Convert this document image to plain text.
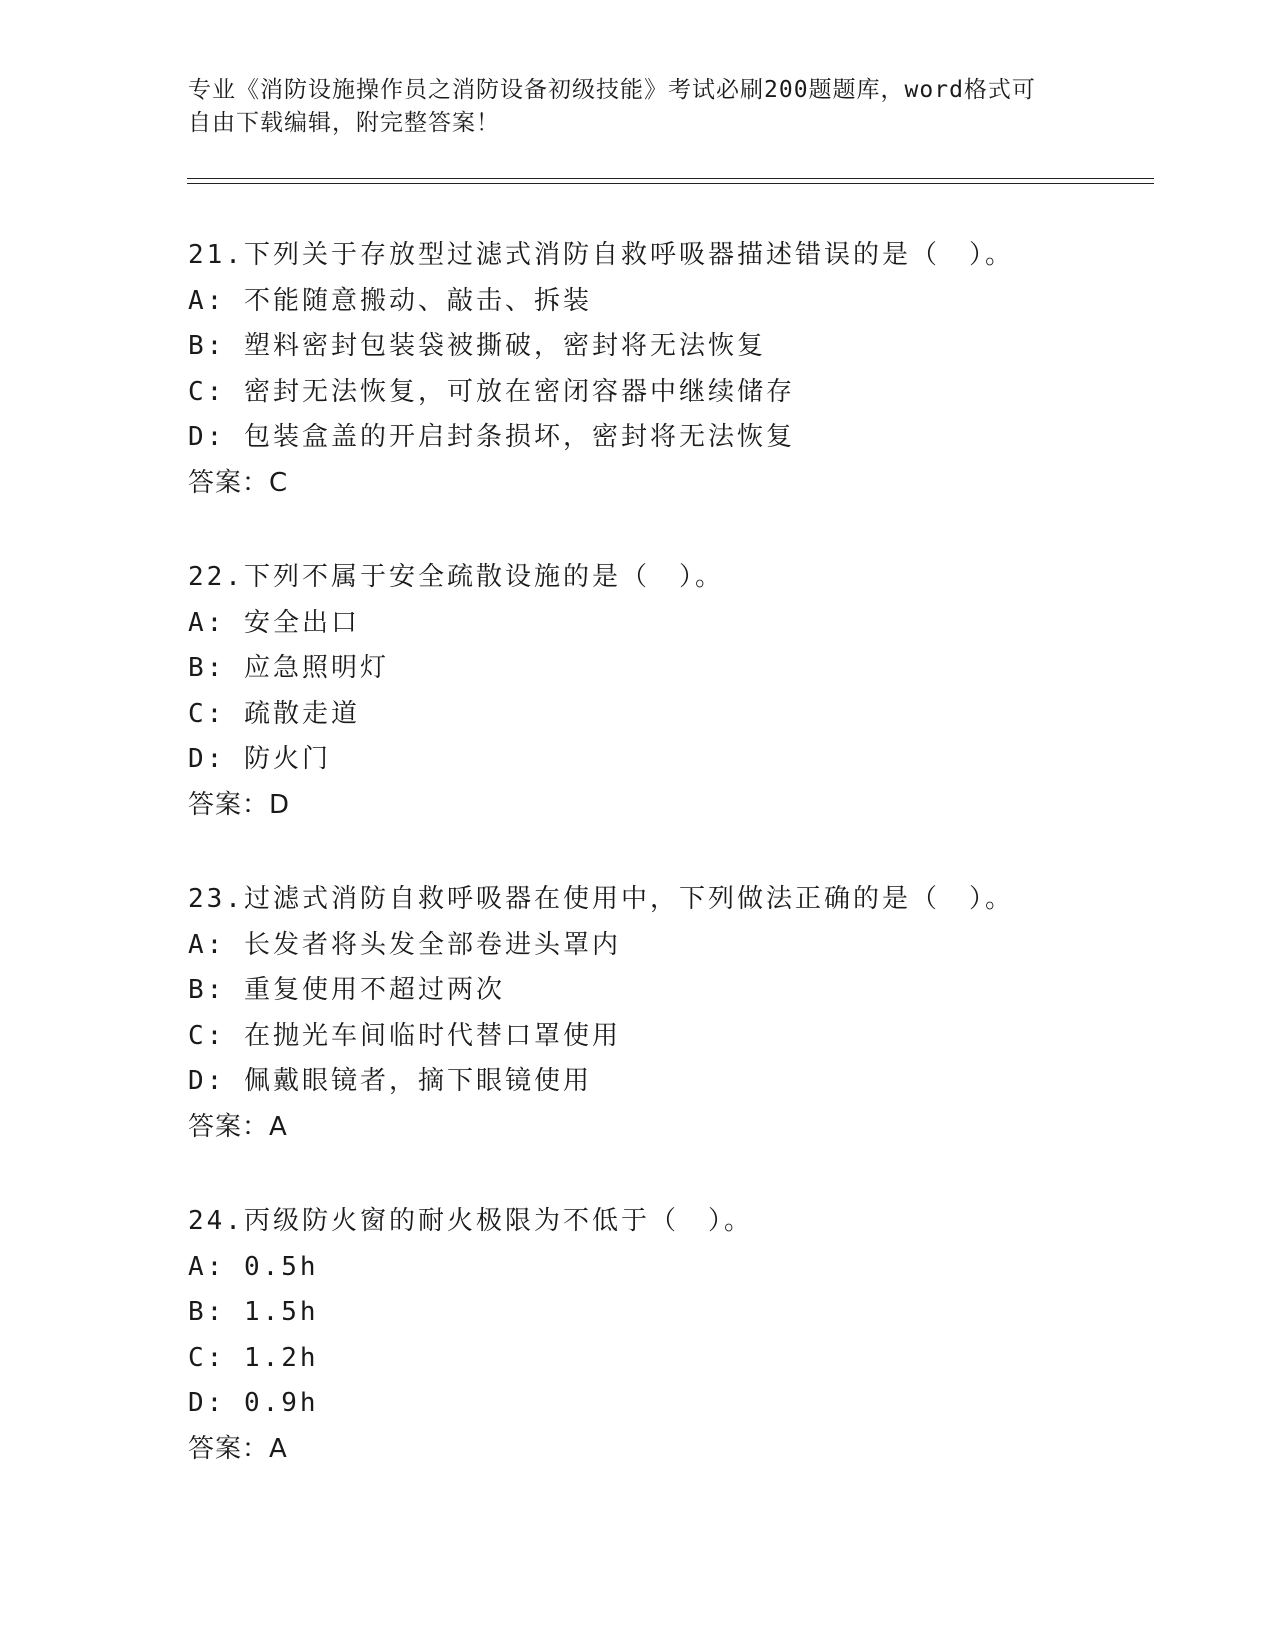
专业《消防设施操作员之消防设备初级技能》考试必刷200题题库，word格式可
自由下载编辑，附完整答案！
21.下列关于存放型过滤式消防自救呼吸器描述错误的是（　）。
A: 不能随意搬动、敲击、拆装
B: 塑料密封包装袋被撕破，密封将无法恢复
C: 密封无法恢复，可放在密闭容器中继续储存
D: 包装盒盖的开启封条损坏，密封将无法恢复
答案：C
22.下列不属于安全疏散设施的是（　）。
A: 安全出口
B: 应急照明灯
C: 疏散走道
D: 防火门
答案：D
23.过滤式消防自救呼吸器在使用中，下列做法正确的是（　）。
A: 长发者将头发全部卷进头罩内
B: 重复使用不超过两次
C: 在抛光车间临时代替口罩使用
D: 佩戴眼镜者，摘下眼镜使用
答案：A
24.丙级防火窗的耐火极限为不低于（　）。
A: 0.5h
B: 1.5h
C: 1.2h
D: 0.9h
答案：A
